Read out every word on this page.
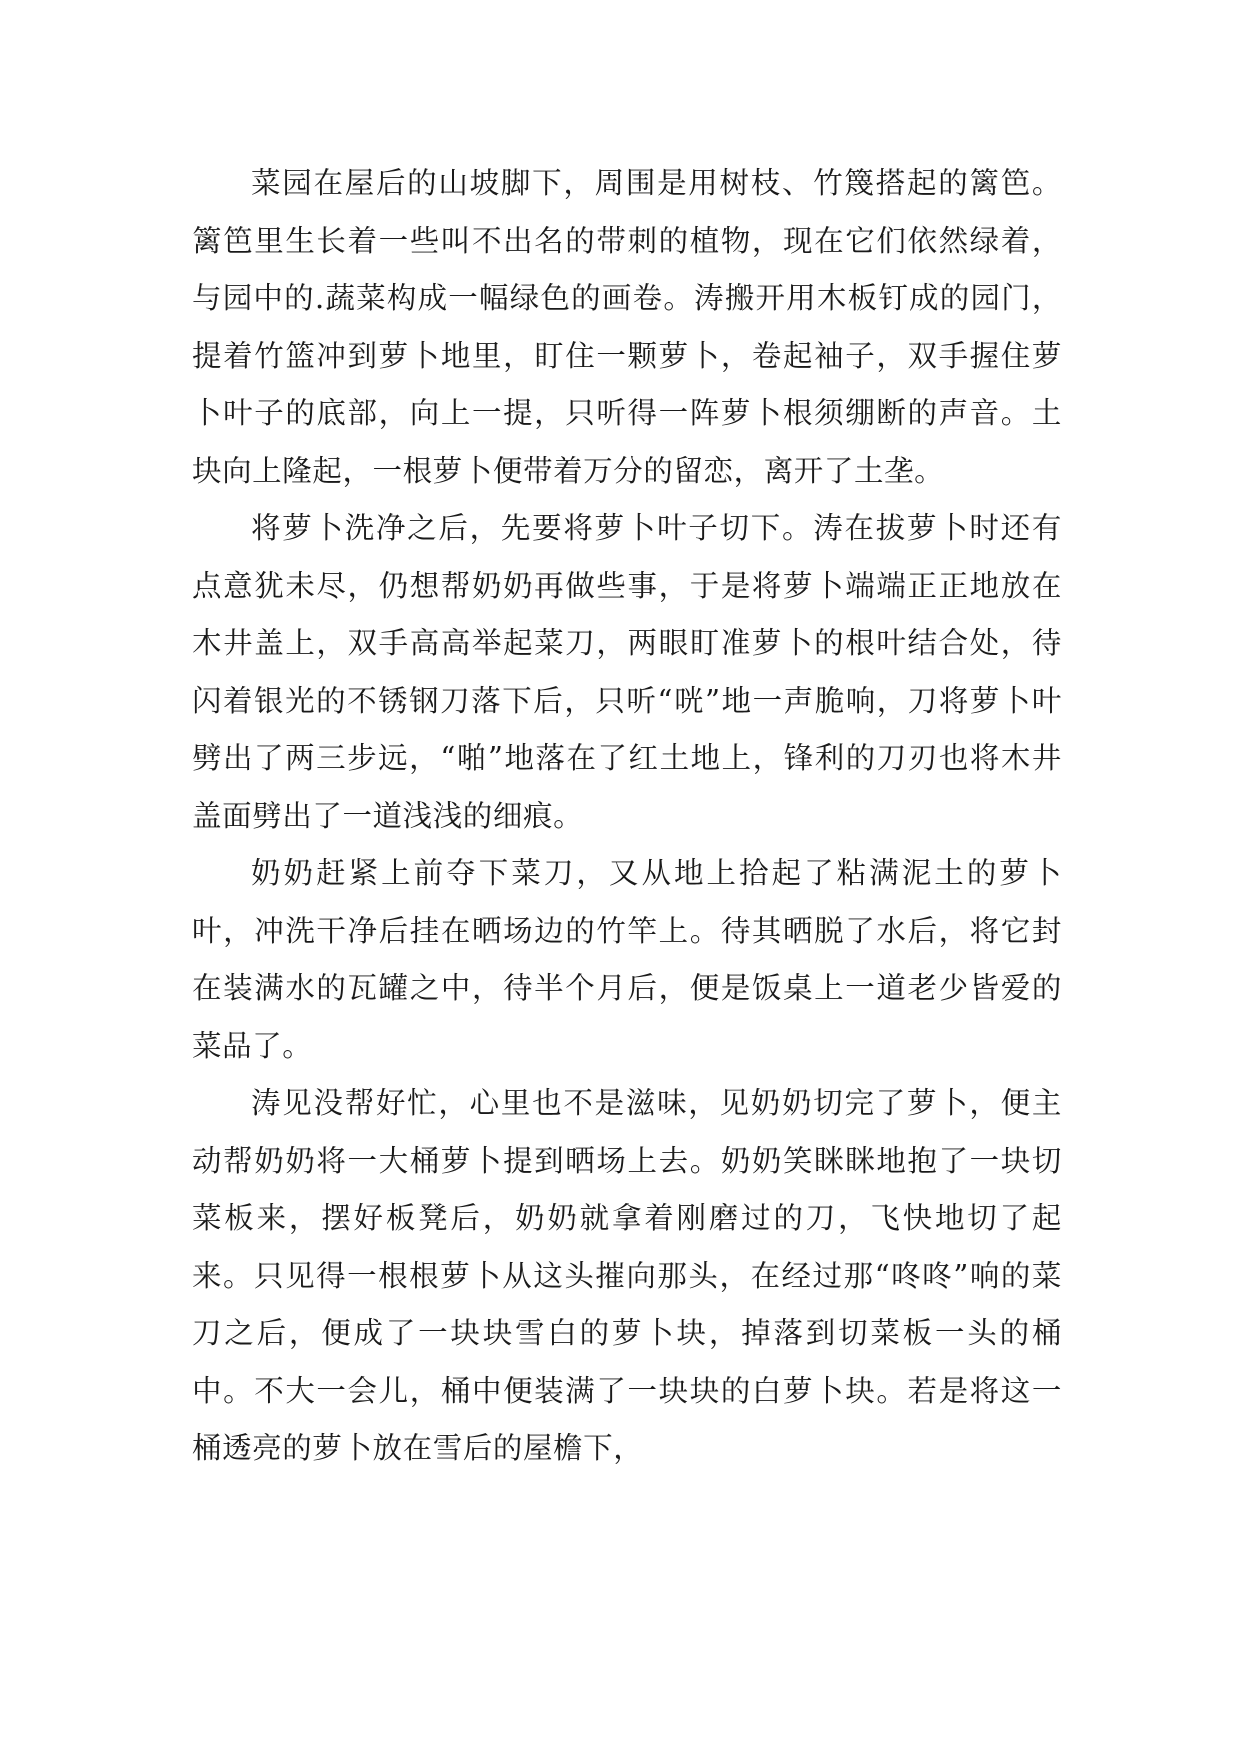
菜园在屋后的山坡脚下，周围是用树枝、竹篾搭起的篱笆。篱笆里生长着一些叫不出名的带刺的植物，现在它们依然绿着，与园中的.蔬菜构成一幅绿色的画卷。涛搬开用木板钉成的园门，提着竹篮冲到萝卜地里，盯住一颗萝卜，卷起袖子，双手握住萝卜叶子的底部，向上一提，只听得一阵萝卜根须绷断的声音。土块向上隆起，一根萝卜便带着万分的留恋，离开了土垄。

将萝卜洗净之后，先要将萝卜叶子切下。涛在拔萝卜时还有点意犹未尽，仍想帮奶奶再做些事，于是将萝卜端端正正地放在木井盖上，双手高高举起菜刀，两眼盯准萝卜的根叶结合处，待闪着银光的不锈钢刀落下后，只听“咣”地一声脆响，刀将萝卜叶劈出了两三步远，“啪”地落在了红土地上，锋利的刀刃也将木井盖面劈出了一道浅浅的细痕。

奶奶赶紧上前夺下菜刀，又从地上拾起了粘满泥土的萝卜叶，冲洗干净后挂在晒场边的竹竿上。待其晒脱了水后，将它封在装满水的瓦罐之中，待半个月后，便是饭桌上一道老少皆爱的菜品了。

涛见没帮好忙，心里也不是滋味，见奶奶切完了萝卜，便主动帮奶奶将一大桶萝卜提到晒场上去。奶奶笑眯眯地抱了一块切菜板来，摆好板凳后，奶奶就拿着刚磨过的刀，飞快地切了起来。只见得一根根萝卜从这头摧向那头，在经过那“咚咚”响的菜刀之后，便成了一块块雪白的萝卜块，掉落到切菜板一头的桶中。不大一会儿，桶中便装满了一块块的白萝卜块。若是将这一桶透亮的萝卜放在雪后的屋檐下，
